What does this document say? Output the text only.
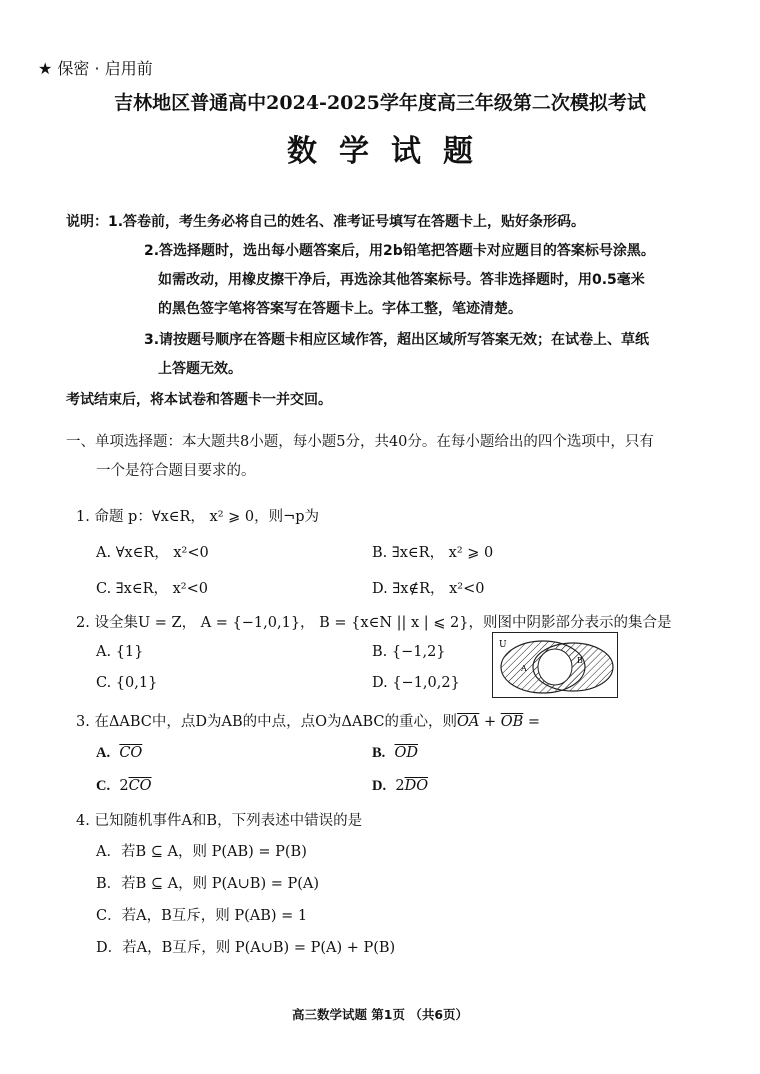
★ 保密 · 启用前
吉林地区普通高中2024-2025学年度高三年级第二次模拟考试
数学试题
说明：1.答卷前，考生务必将自己的姓名、准考证号填写在答题卡上，贴好条形码。
2.答选择题时，选出每小题答案后，用2b铅笔把答题卡对应题目的答案标号涂黑。
如需改动，用橡皮擦干净后，再选涂其他答案标号。答非选择题时，用0.5毫米
的黑色签字笔将答案写在答题卡上。字体工整，笔迹清楚。
3.请按题号顺序在答题卡相应区域作答，超出区域所写答案无效；在试卷上、草纸
上答题无效。
考试结束后，将本试卷和答题卡一并交回。
一、单项选择题：本大题共8小题，每小题5分，共40分。在每小题给出的四个选项中，只有
一个是符合题目要求的。
1. 命题 p：∀x∈R， x² ⩾ 0，则¬p为
A. ∀x∈R， x²<0	B. ∃x∈R， x² ⩾ 0
C. ∃x∈R， x²<0	D. ∃x∉R， x²<0
2. 设全集U = Z， A = {−1,0,1}， B = {x∈N || x | ⩽ 2}，则图中阴影部分表示的集合是
A. {1}	B. {−1,2}
C. {0,1}	D. {−1,0,2}
U
A
B
3. 在ΔABC中，点D为AB的中点，点O为ΔABC的重心，则$\overline{OA} + \overline{OB}$ =
A. $\overline{CO}$	B. $\overline{OD}$
C. $2\overline{CO}$	D. $2\overline{DO}$
4. 已知随机事件A和B，下列表述中错误的是
A．若B ⊆ A，则 P(AB) = P(B)
B．若B ⊆ A，则 P(A∪B) = P(A)
C．若A，B互斥，则 P(AB) = 1
D．若A，B互斥，则 P(A∪B) = P(A) + P(B)
高三数学试题 第1页 （共6页）
